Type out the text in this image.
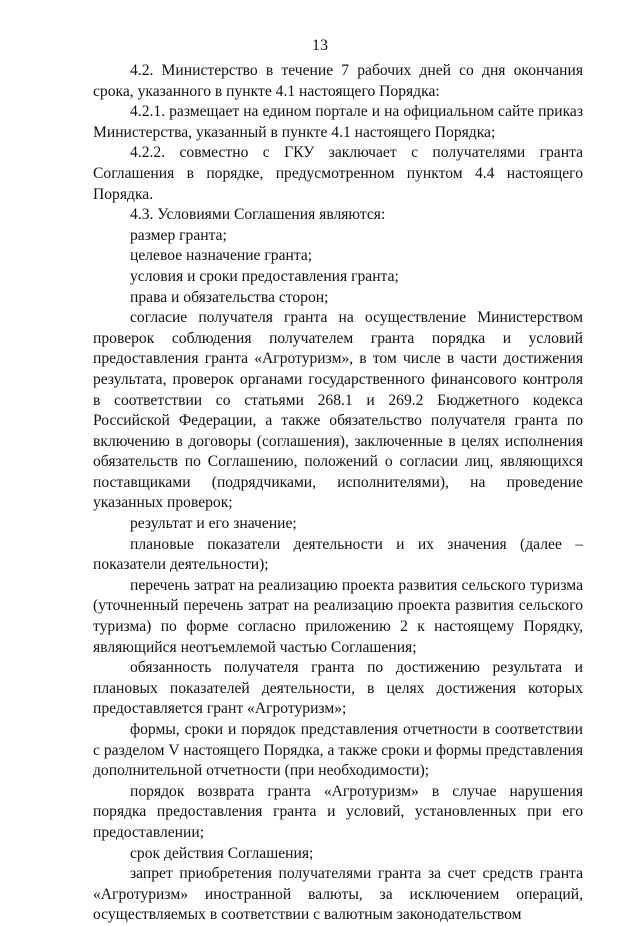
13

4.2. Министерство в течение 7 рабочих дней со дня окончания срока, указанного в пункте 4.1 настоящего Порядка:

4.2.1. размещает на едином портале и на официальном сайте приказ Министерства, указанный в пункте 4.1 настоящего Порядка;

4.2.2. совместно с ГКУ заключает с получателями гранта Соглашения в порядке, предусмотренном пунктом 4.4 настоящего Порядка.

4.3. Условиями Соглашения являются:

размер гранта;

целевое назначение гранта;

условия и сроки предоставления гранта;

права и обязательства сторон;

согласие получателя гранта на осуществление Министерством проверок соблюдения получателем гранта порядка и условий предоставления гранта «Агротуризм», в том числе в части достижения результата, проверок органами государственного финансового контроля в соответствии со статьями 268.1 и 269.2 Бюджетного кодекса Российской Федерации, а также обязательство получателя гранта по включению в договоры (соглашения), заключенные в целях исполнения обязательств по Соглашению, положений о согласии лиц, являющихся поставщиками (подрядчиками, исполнителями), на проведение указанных проверок;

результат и его значение;

плановые показатели деятельности и их значения (далее – показатели деятельности);

перечень затрат на реализацию проекта развития сельского туризма (уточненный перечень затрат на реализацию проекта развития сельского туризма) по форме согласно приложению 2 к настоящему Порядку, являющийся неотъемлемой частью Соглашения;

обязанность получателя гранта по достижению результата и плановых показателей деятельности, в целях достижения которых предоставляется грант «Агротуризм»;

формы, сроки и порядок представления отчетности в соответствии с разделом V настоящего Порядка, а также сроки и формы представления дополнительной отчетности (при необходимости);

порядок возврата гранта «Агротуризм» в случае нарушения порядка предоставления гранта и условий, установленных при его предоставлении;

срок действия Соглашения;

запрет приобретения получателями гранта за счет средств гранта «Агротуризм» иностранной валюты, за исключением операций, осуществляемых в соответствии с валютным законодательством
